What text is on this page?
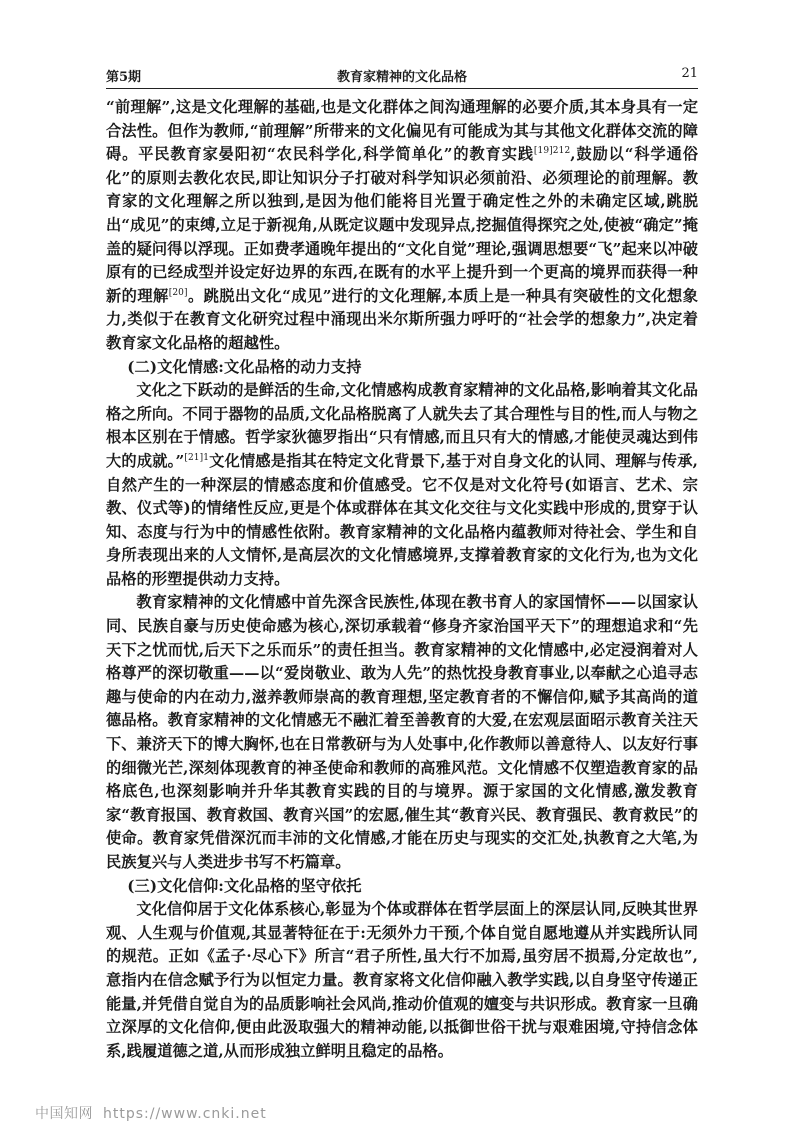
第5期	教育家精神的文化品格	21

“前理解”,这是文化理解的基础,也是文化群体之间沟通理解的必要介质,其本身具有一定合法性。但作为教师,“前理解”所带来的文化偏见有可能成为其与其他文化群体交流的障碍。平民教育家晏阳初“农民科学化,科学简单化”的教育实践$^{[19]212}$,鼓励以“科学通俗化”的原则去教化农民,即让知识分子打破对科学知识必须前沿、必须理论的前理解。教育家的文化理解之所以独到,是因为他们能将目光置于确定性之外的未确定区域,跳脱出“成见”的束缚,立足于新视角,从既定议题中发现异点,挖掘值得探究之处,使被“确定”掩盖的疑问得以浮现。正如费孝通晚年提出的“文化自觉”理论,强调思想要“飞”起来以冲破原有的已经成型并设定好边界的东西,在既有的水平上提升到一个更高的境界而获得一种新的理解[20]。跳脱出文化“成见”进行的文化理解,本质上是一种具有突破性的文化想象力,类似于在教育文化研究过程中涌现出米尔斯所强力呼吁的“社会学的想象力”,决定着教育家文化品格的超越性。

(二)文化情感:文化品格的动力支持

文化之下跃动的是鲜活的生命,文化情感构成教育家精神的文化品格,影响着其文化品格之所向。不同于器物的品质,文化品格脱离了人就失去了其合理性与目的性,而人与物之根本区别在于情感。哲学家狄德罗指出“只有情感,而且只有大的情感,才能使灵魂达到伟大的成就。”$^{[21]1}$文化情感是指其在特定文化背景下,基于对自身文化的认同、理解与传承,自然产生的一种深层的情感态度和价值感受。它不仅是对文化符号(如语言、艺术、宗教、仪式等)的情绪性反应,更是个体或群体在其文化交往与文化实践中形成的,贯穿于认知、态度与行为中的情感性依附。教育家精神的文化品格内蕴教师对待社会、学生和自身所表现出来的人文情怀,是高层次的文化情感境界,支撑着教育家的文化行为,也为文化品格的形塑提供动力支持。

教育家精神的文化情感中首先深含民族性,体现在教书育人的家国情怀——以国家认同、民族自豪与历史使命感为核心,深切承载着“修身齐家治国平天下”的理想追求和“先天下之忧而忧,后天下之乐而乐”的责任担当。教育家精神的文化情感中,必定浸润着对人格尊严的深切敬重——以“爱岗敬业、敢为人先”的热忱投身教育事业,以奉献之心追寻志趣与使命的内在动力,滋养教师崇高的教育理想,坚定教育者的不懈信仰,赋予其高尚的道德品格。教育家精神的文化情感无不融汇着至善教育的大爱,在宏观层面昭示教育关注天下、兼济天下的博大胸怀,也在日常教研与为人处事中,化作教师以善意待人、以友好行事的细微光芒,深刻体现教育的神圣使命和教师的高雅风范。文化情感不仅塑造教育家的品格底色,也深刻影响并升华其教育实践的目的与境界。源于家国的文化情感,激发教育家“教育报国、教育救国、教育兴国”的宏愿,催生其“教育兴民、教育强民、教育救民”的使命。教育家凭借深沉而丰沛的文化情感,才能在历史与现实的交汇处,执教育之大笔,为民族复兴与人类进步书写不朽篇章。

(三)文化信仰:文化品格的坚守依托

文化信仰居于文化体系核心,彰显为个体或群体在哲学层面上的深层认同,反映其世界观、人生观与价值观,其显著特征在于:无须外力干预,个体自觉自愿地遵从并实践所认同的规范。正如《孟子·尽心下》所言“君子所性,虽大行不加焉,虽穷居不损焉,分定故也”,意指内在信念赋予行为以恒定力量。教育家将文化信仰融入教学实践,以自身坚守传递正能量,并凭借自觉自为的品质影响社会风尚,推动价值观的嬗变与共识形成。教育家一旦确立深厚的文化信仰,便由此汲取强大的精神动能,以抵御世俗干扰与艰难困境,守持信念体系,践履道德之道,从而形成独立鲜明且稳定的品格。

中国知网 https://www.cnki.net
